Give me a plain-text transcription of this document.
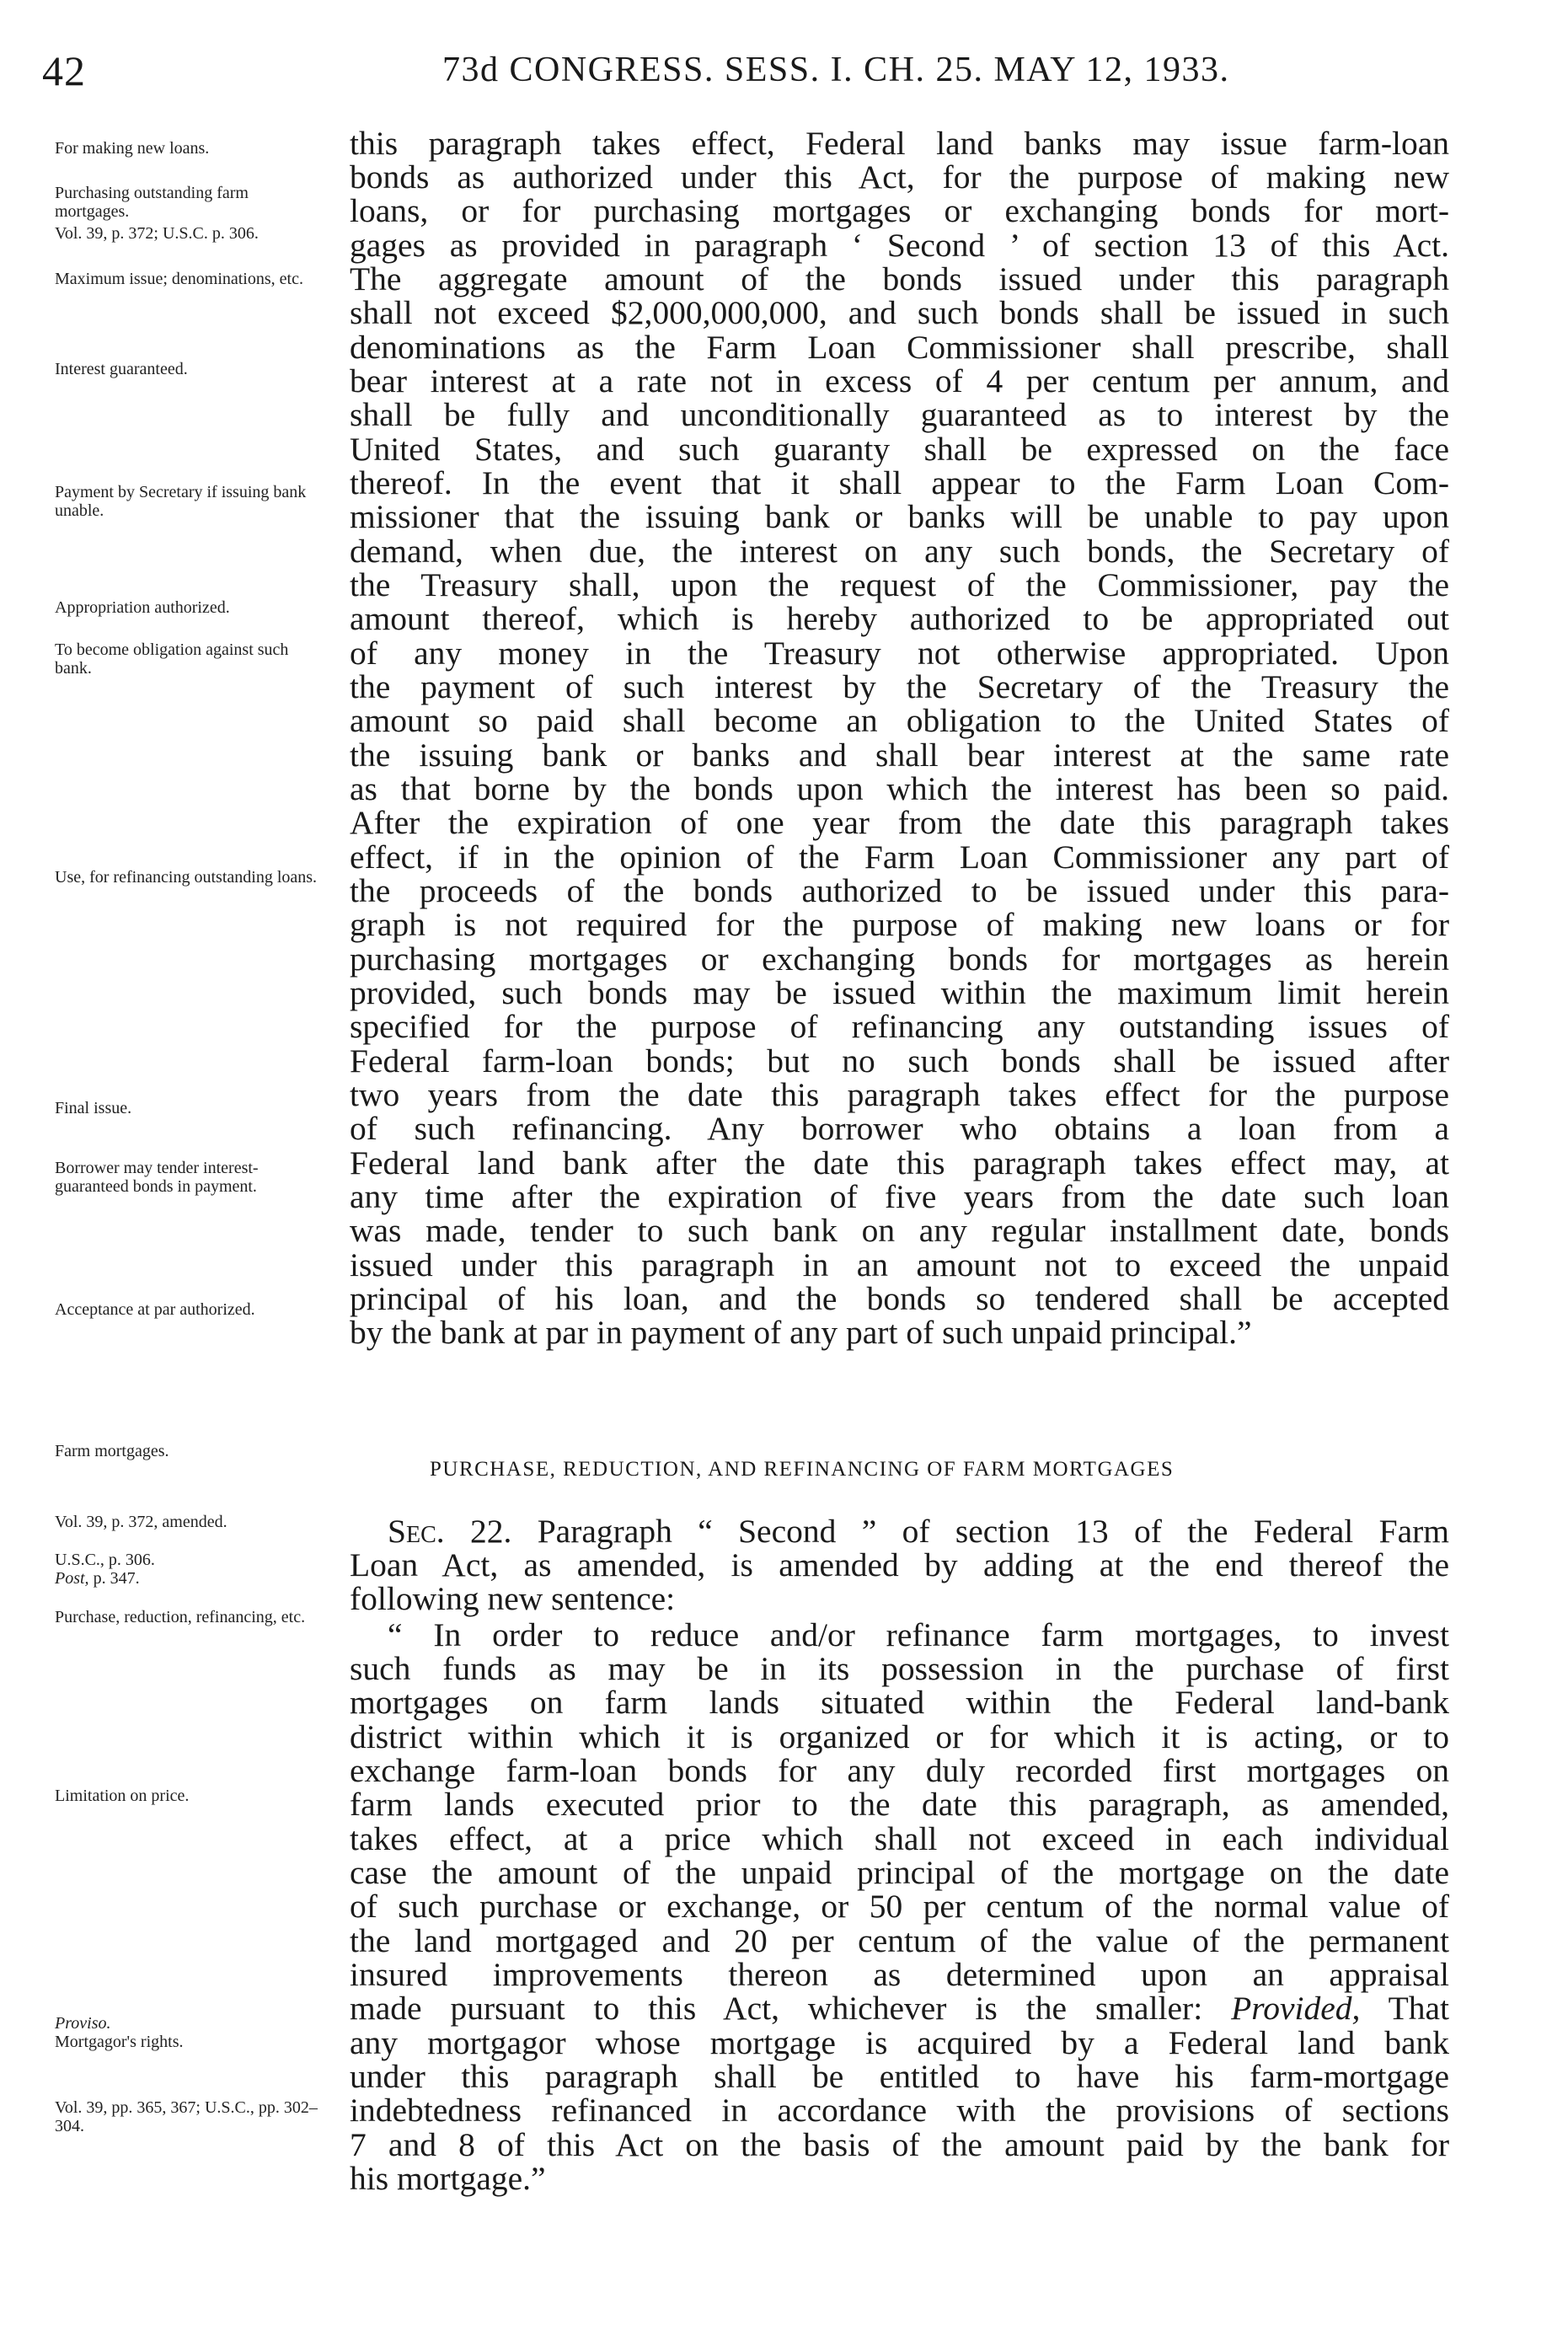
42	73d CONGRESS. SESS. I. CH. 25. MAY 12, 1933.
For making new loans.
Purchasing outstanding farm mortgages.
Vol. 39, p. 372; U.S.C. p. 306.
Maximum issue; denominations, etc.
Interest guaranteed.
Payment by Secretary if issuing bank unable.
Appropriation authorized.
To become obligation against such bank.
Use, for refinancing outstanding loans.
Final issue.
Borrower may tender interest-guaranteed bonds in payment.
Acceptance at par authorized.
Farm mortgages.
Vol. 39, p. 372, amended.
U.S.C., p. 306.
Post, p. 347.
Purchase, reduction, refinancing, etc.
Limitation on price.
Proviso.
Mortgagor's rights.
Vol. 39, pp. 365, 367; U.S.C., pp. 302–304.
this paragraph takes effect, Federal land banks may issue farm-loan
bonds as authorized under this Act, for the purpose of making new
loans, or for purchasing mortgages or exchanging bonds for mort-
gages as provided in paragraph ‘ Second ’ of section 13 of this Act.
The aggregate amount of the bonds issued under this paragraph
shall not exceed $2,000,000,000, and such bonds shall be issued in such
denominations as the Farm Loan Commissioner shall prescribe, shall
bear interest at a rate not in excess of 4 per centum per annum, and
shall be fully and unconditionally guaranteed as to interest by the
United States, and such guaranty shall be expressed on the face
thereof. In the event that it shall appear to the Farm Loan Com-
missioner that the issuing bank or banks will be unable to pay upon
demand, when due, the interest on any such bonds, the Secretary of
the Treasury shall, upon the request of the Commissioner, pay the
amount thereof, which is hereby authorized to be appropriated out
of any money in the Treasury not otherwise appropriated. Upon
the payment of such interest by the Secretary of the Treasury the
amount so paid shall become an obligation to the United States of
the issuing bank or banks and shall bear interest at the same rate
as that borne by the bonds upon which the interest has been so paid.
After the expiration of one year from the date this paragraph takes
effect, if in the opinion of the Farm Loan Commissioner any part of
the proceeds of the bonds authorized to be issued under this para-
graph is not required for the purpose of making new loans or for
purchasing mortgages or exchanging bonds for mortgages as herein
provided, such bonds may be issued within the maximum limit herein
specified for the purpose of refinancing any outstanding issues of
Federal farm-loan bonds; but no such bonds shall be issued after
two years from the date this paragraph takes effect for the purpose
of such refinancing. Any borrower who obtains a loan from a
Federal land bank after the date this paragraph takes effect may, at
any time after the expiration of five years from the date such loan
was made, tender to such bank on any regular installment date, bonds
issued under this paragraph in an amount not to exceed the unpaid
principal of his loan, and the bonds so tendered shall be accepted
by the bank at par in payment of any part of such unpaid principal.”
PURCHASE, REDUCTION, AND REFINANCING OF FARM MORTGAGES
Sec. 22. Paragraph “ Second ” of section 13 of the Federal Farm
Loan Act, as amended, is amended by adding at the end thereof the
following new sentence:
“ In order to reduce and/or refinance farm mortgages, to invest
such funds as may be in its possession in the purchase of first
mortgages on farm lands situated within the Federal land-bank
district within which it is organized or for which it is acting, or to
exchange farm-loan bonds for any duly recorded first mortgages on
farm lands executed prior to the date this paragraph, as amended,
takes effect, at a price which shall not exceed in each individual
case the amount of the unpaid principal of the mortgage on the date
of such purchase or exchange, or 50 per centum of the normal value of
the land mortgaged and 20 per centum of the value of the permanent
insured improvements thereon as determined upon an appraisal
made pursuant to this Act, whichever is the smaller: Provided, That
any mortgagor whose mortgage is acquired by a Federal land bank
under this paragraph shall be entitled to have his farm-mortgage
indebtedness refinanced in accordance with the provisions of sections
7 and 8 of this Act on the basis of the amount paid by the bank for
his mortgage.”
